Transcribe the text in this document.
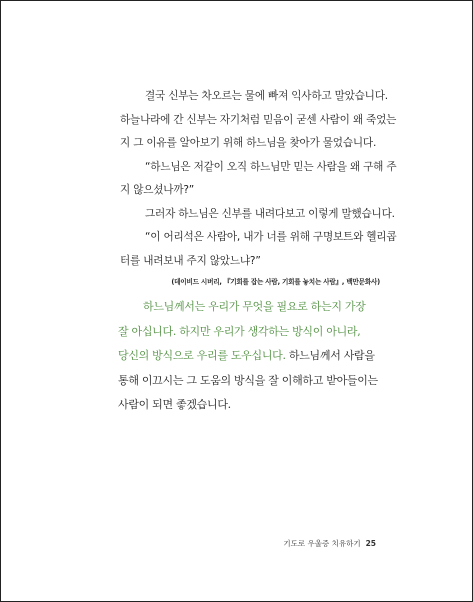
결국 신부는 차오르는 물에 빠져 익사하고 말았습니다.

하늘나라에 간 신부는 자기처럼 믿음이 굳센 사람이 왜 죽었는

지 그 이유를 알아보기 위해 하느님을 찾아가 물었습니다.

“하느님은 저같이 오직 하느님만 믿는 사람을 왜 구해 주

지 않으셨나까?”

그러자 하느님은 신부를 내려다보고 이렇게 말했습니다.

“이 어리석은 사람아, 내가 너를 위해 구명보트와 헬리콥

터를 내려보내 주지 않았느냐?”

(데이비드 시버리, 『기회를 잡는 사람, 기회를 놓치는 사람』, 백만문화사)

하느님께서는 우리가 무엇을 필요로 하는지 가장

잘 아십니다. 하지만 우리가 생각하는 방식이 아니라,

당신의 방식으로 우리를 도우십니다. 하느님께서 사람을

통해 이끄시는 그 도움의 방식을 잘 이해하고 받아들이는

사람이 되면 좋겠습니다.

기도로 우울증 치유하기 25
